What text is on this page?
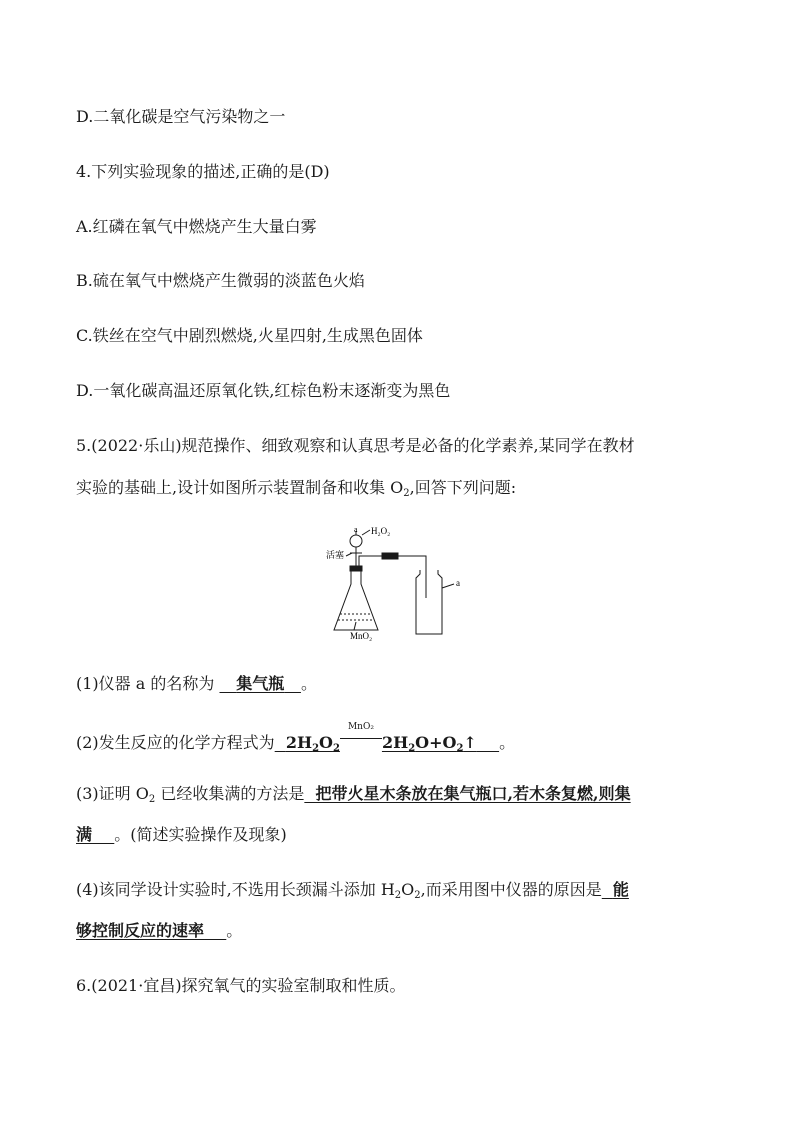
D.二氧化碳是空气污染物之一
4.下列实验现象的描述,正确的是(D)
A.红磷在氧气中燃烧产生大量白雾
B.硫在氧气中燃烧产生微弱的淡蓝色火焰
C.铁丝在空气中剧烈燃烧,火星四射,生成黑色固体
D.一氧化碳高温还原氧化铁,红棕色粉末逐渐变为黑色
5.(2022·乐山)规范操作、细致观察和认真思考是必备的化学素养,某同学在教材
实验的基础上,设计如图所示装置制备和收集 $O_2$,回答下列问题:
H₂O₂
活塞
a
a
MnO₂
(1)仪器 a 的名称为 集气瓶 。
(2)发生反应的化学方程式为 $2H_2O_2$
MnO₂
$2H_2O+O_2↑$ 。
(3)证明 $O_2$ 已经收集满的方法是 把带火星木条放在集气瓶口,若木条复燃,则集
满 。(简述实验操作及现象)
(4)该同学设计实验时,不选用长颈漏斗添加 $H_2O_2$,而采用图中仪器的原因是 能
够控制反应的速率 。
6.(2021·宜昌)探究氧气的实验室制取和性质。
